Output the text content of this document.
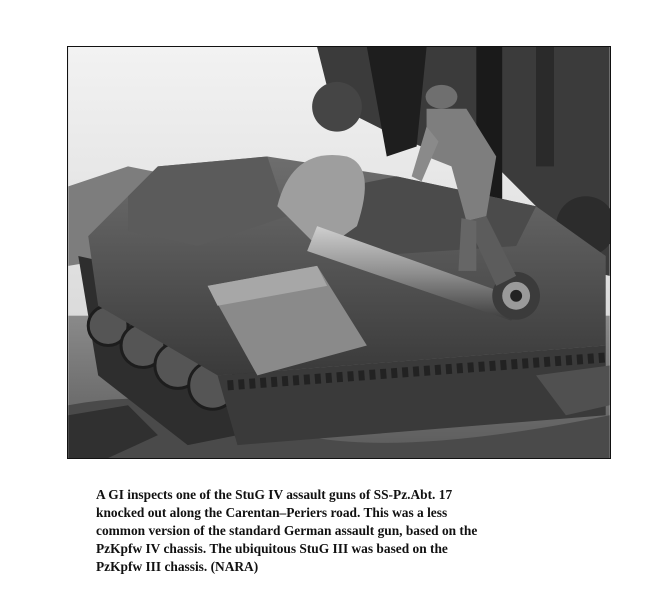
A GI inspects one of the StuG IV assault guns of SS-Pz.Abt. 17
knocked out along the Carentan–Periers road. This was a less
common version of the standard German assault gun, based on the
PzKpfw IV chassis. The ubiquitous StuG III was based on the
PzKpfw III chassis. (NARA)
